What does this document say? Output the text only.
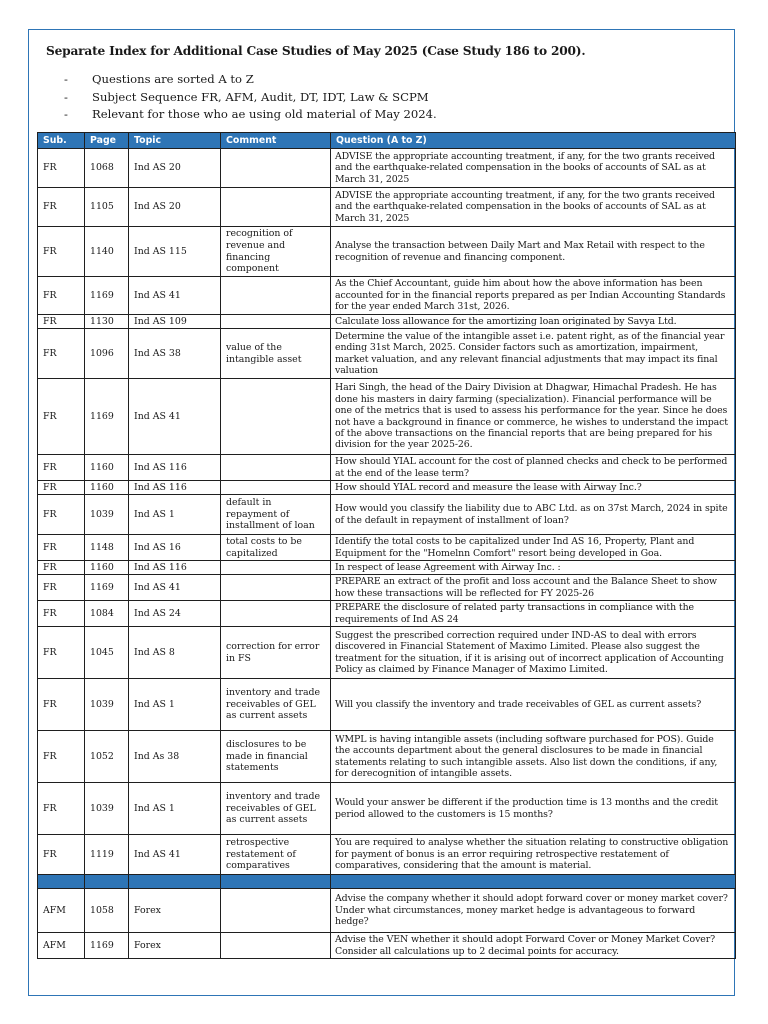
Separate Index for Additional Case Studies of May 2025 (Case Study 186 to 200).
- Questions are sorted A to Z
- Subject Sequence FR, AFM, Audit, DT, IDT, Law & SCPM
- Relevant for those who ae using old material of May 2024.
Sub.	Page	Topic	Comment	Question (A to Z)
FR	1068	Ind AS 20		ADVISE the appropriate accounting treatment, if any, for the two grants received and the earthquake-related compensation in the books of accounts of SAL as at March 31, 2025
FR	1105	Ind AS 20		ADVISE the appropriate accounting treatment, if any, for the two grants received and the earthquake-related compensation in the books of accounts of SAL as at March 31, 2025
FR	1140	Ind AS 115	recognition of revenue and financing component	Analyse the transaction between Daily Mart and Max Retail with respect to the recognition of revenue and financing component.
FR	1169	Ind AS 41		As the Chief Accountant, guide him about how the above information has been accounted for in the financial reports prepared as per Indian Accounting Standards for the year ended March 31st, 2026.
FR	1130	Ind AS 109		Calculate loss allowance for the amortizing loan originated by Savya Ltd.
FR	1096	Ind AS 38	value of the intangible asset	Determine the value of the intangible asset i.e. patent right, as of the financial year ending 31st March, 2025. Consider factors such as amortization, impairment, market valuation, and any relevant financial adjustments that may impact its final valuation
FR	1169	Ind AS 41		Hari Singh, the head of the Dairy Division at Dhagwar, Himachal Pradesh. He has done his masters in dairy farming (specialization). Financial performance will be one of the metrics that is used to assess his performance for the year. Since he does not have a background in finance or commerce, he wishes to understand the impact of the above transactions on the financial reports that are being prepared for his division for the year 2025-26.
FR	1160	Ind AS 116		How should YIAL account for the cost of planned checks and check to be performed at the end of the lease term?
FR	1160	Ind AS 116		How should YIAL record and measure the lease with Airway Inc.?
FR	1039	Ind AS 1	default in repayment of installment of loan	How would you classify the liability due to ABC Ltd. as on 37st March, 2024 in spite of the default in repayment of installment of loan?
FR	1148	Ind AS 16	total costs to be capitalized	Identify the total costs to be capitalized under Ind AS 16, Property, Plant and Equipment for the "Homelnn Comfort" resort being developed in Goa.
FR	1160	Ind AS 116		In respect of lease Agreement with Airway Inc. :
FR	1169	Ind AS 41		PREPARE an extract of the profit and loss account and the Balance Sheet to show how these transactions will be reflected for FY 2025-26
FR	1084	Ind AS 24		PREPARE the disclosure of related party transactions in compliance with the requirements of Ind AS 24
FR	1045	Ind AS 8	correction for error in FS	Suggest the prescribed correction required under IND-AS to deal with errors discovered in Financial Statement of Maximo Limited. Please also suggest the treatment for the situation, if it is arising out of incorrect application of Accounting Policy as claimed by Finance Manager of Maximo Limited.
FR	1039	Ind AS 1	inventory and trade receivables of GEL as current assets	Will you classify the inventory and trade receivables of GEL as current assets?
FR	1052	Ind As 38	disclosures to be made in financial statements	WMPL is having intangible assets (including software purchased for POS). Guide the accounts department about the general disclosures to be made in financial statements relating to such intangible assets. Also list down the conditions, if any, for derecognition of intangible assets.
FR	1039	Ind AS 1	inventory and trade receivables of GEL as current assets	Would your answer be different if the production time is 13 months and the credit period allowed to the customers is 15 months?
FR	1119	Ind AS 41	retrospective restatement of comparatives	You are required to analyse whether the situation relating to constructive obligation for payment of bonus is an error requiring retrospective restatement of comparatives, considering that the amount is material.

AFM	1058	Forex		Advise the company whether it should adopt forward cover or money market cover? Under what circumstances, money market hedge is advantageous to forward hedge?
AFM	1169	Forex		Advise the VEN whether it should adopt Forward Cover or Money Market Cover? Consider all calculations up to 2 decimal points for accuracy.
